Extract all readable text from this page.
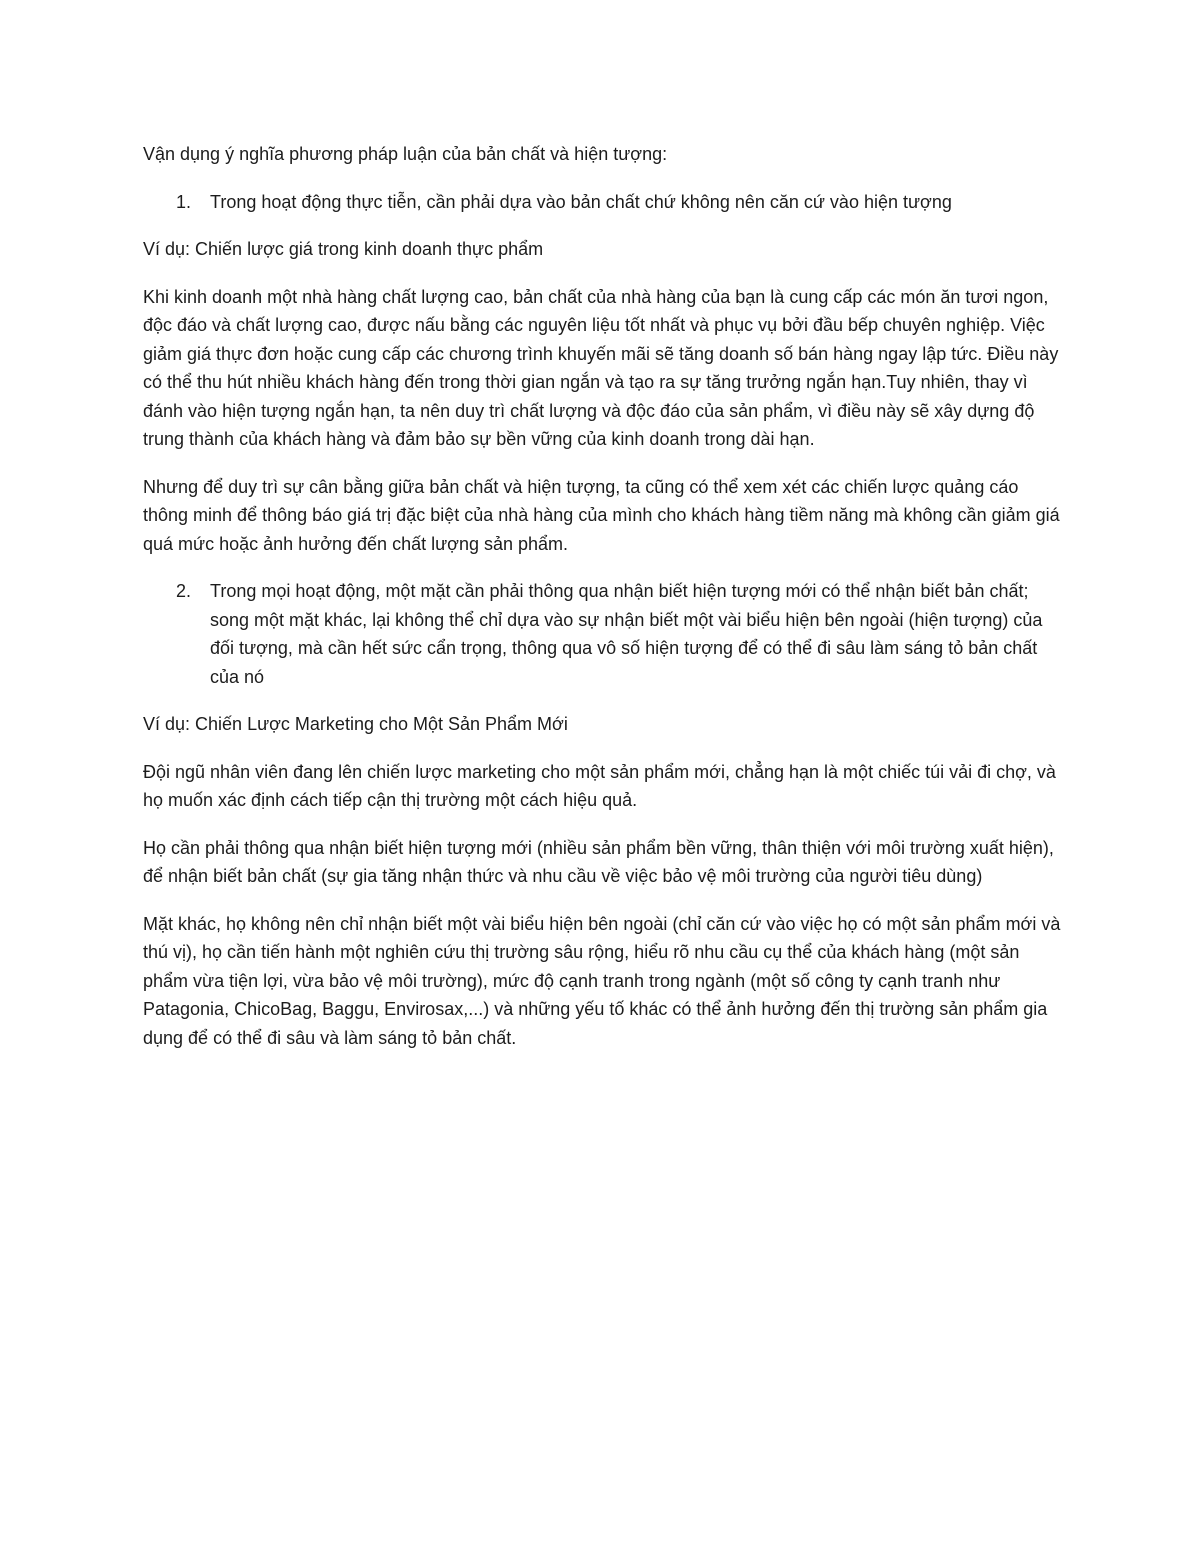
Vận dụng ý nghĩa phương pháp luận của bản chất và hiện tượng:

1.	Trong hoạt động thực tiễn, cần phải dựa vào bản chất chứ không nên căn cứ vào hiện tượng

Ví dụ: Chiến lược giá trong kinh doanh thực phẩm

Khi kinh doanh một nhà hàng chất lượng cao, bản chất của nhà hàng của bạn là cung cấp các món ăn tươi ngon, độc đáo và chất lượng cao, được nấu bằng các nguyên liệu tốt nhất và phục vụ bởi đầu bếp chuyên nghiệp. Việc giảm giá thực đơn hoặc cung cấp các chương trình khuyến mãi sẽ tăng doanh số bán hàng ngay lập tức. Điều này có thể thu hút nhiều khách hàng đến trong thời gian ngắn và tạo ra sự tăng trưởng ngắn hạn.Tuy nhiên, thay vì đánh vào hiện tượng ngắn hạn, ta nên duy trì chất lượng và độc đáo của sản phẩm, vì điều này sẽ xây dựng độ trung thành của khách hàng và đảm bảo sự bền vững của kinh doanh trong dài hạn.

Nhưng để duy trì sự cân bằng giữa bản chất và hiện tượng, ta cũng có thể xem xét các chiến lược quảng cáo thông minh để thông báo giá trị đặc biệt của nhà hàng của mình cho khách hàng tiềm năng mà không cần giảm giá quá mức hoặc ảnh hưởng đến chất lượng sản phẩm.

2.	Trong mọi hoạt động, một mặt cần phải thông qua nhận biết hiện tượng mới có thể nhận biết bản chất; song một mặt khác, lại không thể chỉ dựa vào sự nhận biết một vài biểu hiện bên ngoài (hiện tượng) của đối tượng, mà cần hết sức cẩn trọng, thông qua vô số hiện tượng để có thể đi sâu làm sáng tỏ bản chất của nó

Ví dụ: Chiến Lược Marketing cho Một Sản Phẩm Mới

Đội ngũ nhân viên đang lên chiến lược marketing cho một sản phẩm mới, chẳng hạn là một chiếc túi vải đi chợ, và họ muốn xác định cách tiếp cận thị trường một cách hiệu quả.

Họ cần phải thông qua nhận biết hiện tượng mới (nhiều sản phẩm bền vững, thân thiện với môi trường xuất hiện), để nhận biết bản chất (sự gia tăng nhận thức và nhu cầu về việc bảo vệ môi trường của người tiêu dùng)

Mặt khác, họ không nên chỉ nhận biết một vài biểu hiện bên ngoài (chỉ căn cứ vào việc họ có một sản phẩm mới và thú vị), họ cần tiến hành một nghiên cứu thị trường sâu rộng, hiểu rõ nhu cầu cụ thể của khách hàng (một sản phẩm vừa tiện lợi, vừa bảo vệ môi trường), mức độ cạnh tranh trong ngành (một số công ty cạnh tranh như Patagonia, ChicoBag, Baggu, Envirosax,...) và những yếu tố khác có thể ảnh hưởng đến thị trường sản phẩm gia dụng để có thể đi sâu và làm sáng tỏ bản chất.
